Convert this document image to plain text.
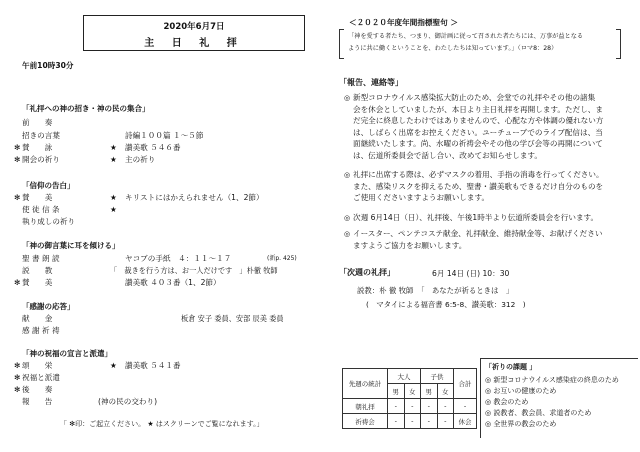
2020年6月7日
主 日 礼 拝
午前10時30分
「礼拝への神の招き・神の民の集合」
前　　奏
招きの言葉	詩編１００篇 １〜５節
✻ 賛　　詠	★ 讃美歌 ５４６番
✻ 開会の祈り	★ 主の祈り
「信仰の告白」
✻ 賛　　美	★ キリストにはかえられません（1、2節）
使 徒 信 条	★
執り成しの祈り
「神の御言葉に耳を傾ける」
聖 書 朗 読	ヤコブの手紙　４：１１〜１７	(新p. 425)
説　　教	「　裁きを行う方は、お一人だけです　」朴徹 牧師
✻ 賛　　美	讃美歌 ４０３番（1、2節）
「感謝の応答」
献　　金	板倉 安子 委員、安部 辰美 委員
感 謝 祈 祷
「神の祝福の宣言と派遣」
✻ 頌　　栄	★ 讃美歌 ５４１番
✻ 祝福と派遣
✻ 後　　奏
報　　告	(神の民の交わり)
「 ✻印：ご起立ください。 ★ はスクリーンでご覧になれます。」
＜２０２０年度年間指標聖句 ＞
「神を愛する者たち、つまり、御計画に従って召された者たちには、万事が益となる
ように共に働くということを、わたしたちは知っています。」（ロマ8：28）
「報告、連絡等」
◎ 新型コロナウイルス感染拡大防止のため、会堂での礼拝やその他の諸集
会を休会としていましたが、本日より主日礼拝を再開します。ただし、ま
だ完全に終息したわけではありませんので、心配な方や体調の優れない方
は、しばらく出席をお控えください。ユーチューブでのライブ配信は、当
面継続いたします。尚、水曜の祈祷会やその他の学び会等の再開について
は、伝道所委員会で話し合い、改めてお知らせします。
◎ 礼拝に出席する際は、必ずマスクの着用、手指の消毒を行ってください。
また、感染リスクを抑えるため、聖書・讃美歌もできるだけ自分のものを
ご使用くださいますようお願いします。
◎ 次週 6月14日（日）、礼拝後、午後1時半より伝道所委員会を行います。
◎ イースター、ペンテコステ献金、礼拝献金、維持献金等、お献げください
ますようご協力をお願いします。
「次週の礼拝」	6月 14日 (日) 10：30
説教：朴 徹 牧師　「　あなたが祈るときは　」
(　マタイによる福音書 6:5-8、讃美歌：312　)
先週の統計	大人		子供		合計
	男	女	男	女	
朝礼拝	-	-	-	-	-
祈祷会	-	-	-	-	休会
「祈りの課題 」
◎ 新型コロナウイルス感染症の終息のため
◎ お互いの健康のため
◎ 教会のため
◎ 説教者、教会員、求道者のため
◎ 全世界の教会のため
